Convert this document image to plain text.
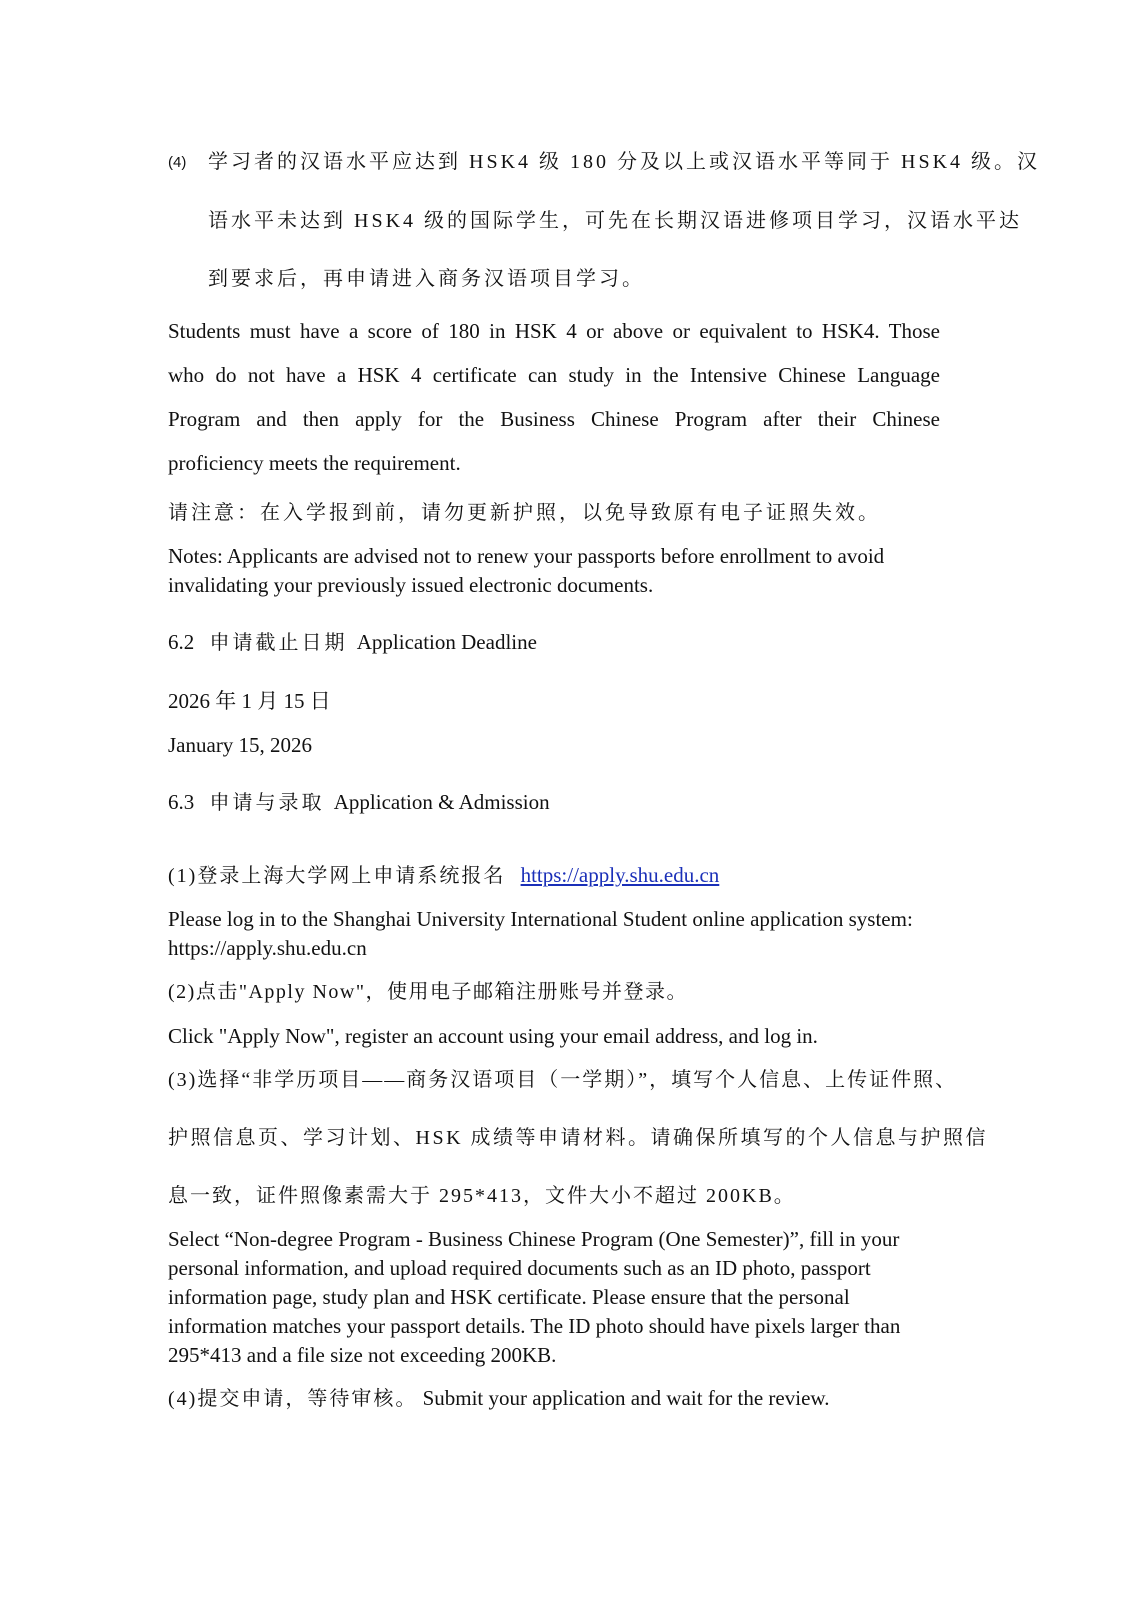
(4) 学习者的汉语水平应达到 HSK4 级 180 分及以上或汉语水平等同于 HSK4 级。汉
语水平未达到 HSK4 级的国际学生，可先在长期汉语进修项目学习，汉语水平达
到要求后，再申请进入商务汉语项目学习。
Students must have a score of 180 in HSK 4 or above or equivalent to HSK4. Those
who do not have a HSK 4 certificate can study in the Intensive Chinese Language
Program and then apply for the Business Chinese Program after their Chinese
proficiency meets the requirement.
请注意：在入学报到前，请勿更新护照，以免导致原有电子证照失效。
Notes: Applicants are advised not to renew your passports before enrollment to avoid
invalidating your previously issued electronic documents.
6.2 申请截止日期 Application Deadline
2026 年 1 月 15 日
January 15, 2026
6.3 申请与录取 Application & Admission
(1)登录上海大学网上申请系统报名 https://apply.shu.edu.cn
Please log in to the Shanghai University International Student online application system:
https://apply.shu.edu.cn
(2)点击"Apply Now"，使用电子邮箱注册账号并登录。
Click "Apply Now", register an account using your email address, and log in.
(3)选择“非学历项目——商务汉语项目（一学期）”，填写个人信息、上传证件照、
护照信息页、学习计划、HSK 成绩等申请材料。请确保所填写的个人信息与护照信
息一致，证件照像素需大于 295*413，文件大小不超过 200KB。
Select “Non-degree Program - Business Chinese Program (One Semester)”, fill in your
personal information, and upload required documents such as an ID photo, passport
information page, study plan and HSK certificate. Please ensure that the personal
information matches your passport details. The ID photo should have pixels larger than
295*413 and a file size not exceeding 200KB.
(4)提交申请，等待审核。 Submit your application and wait for the review.
